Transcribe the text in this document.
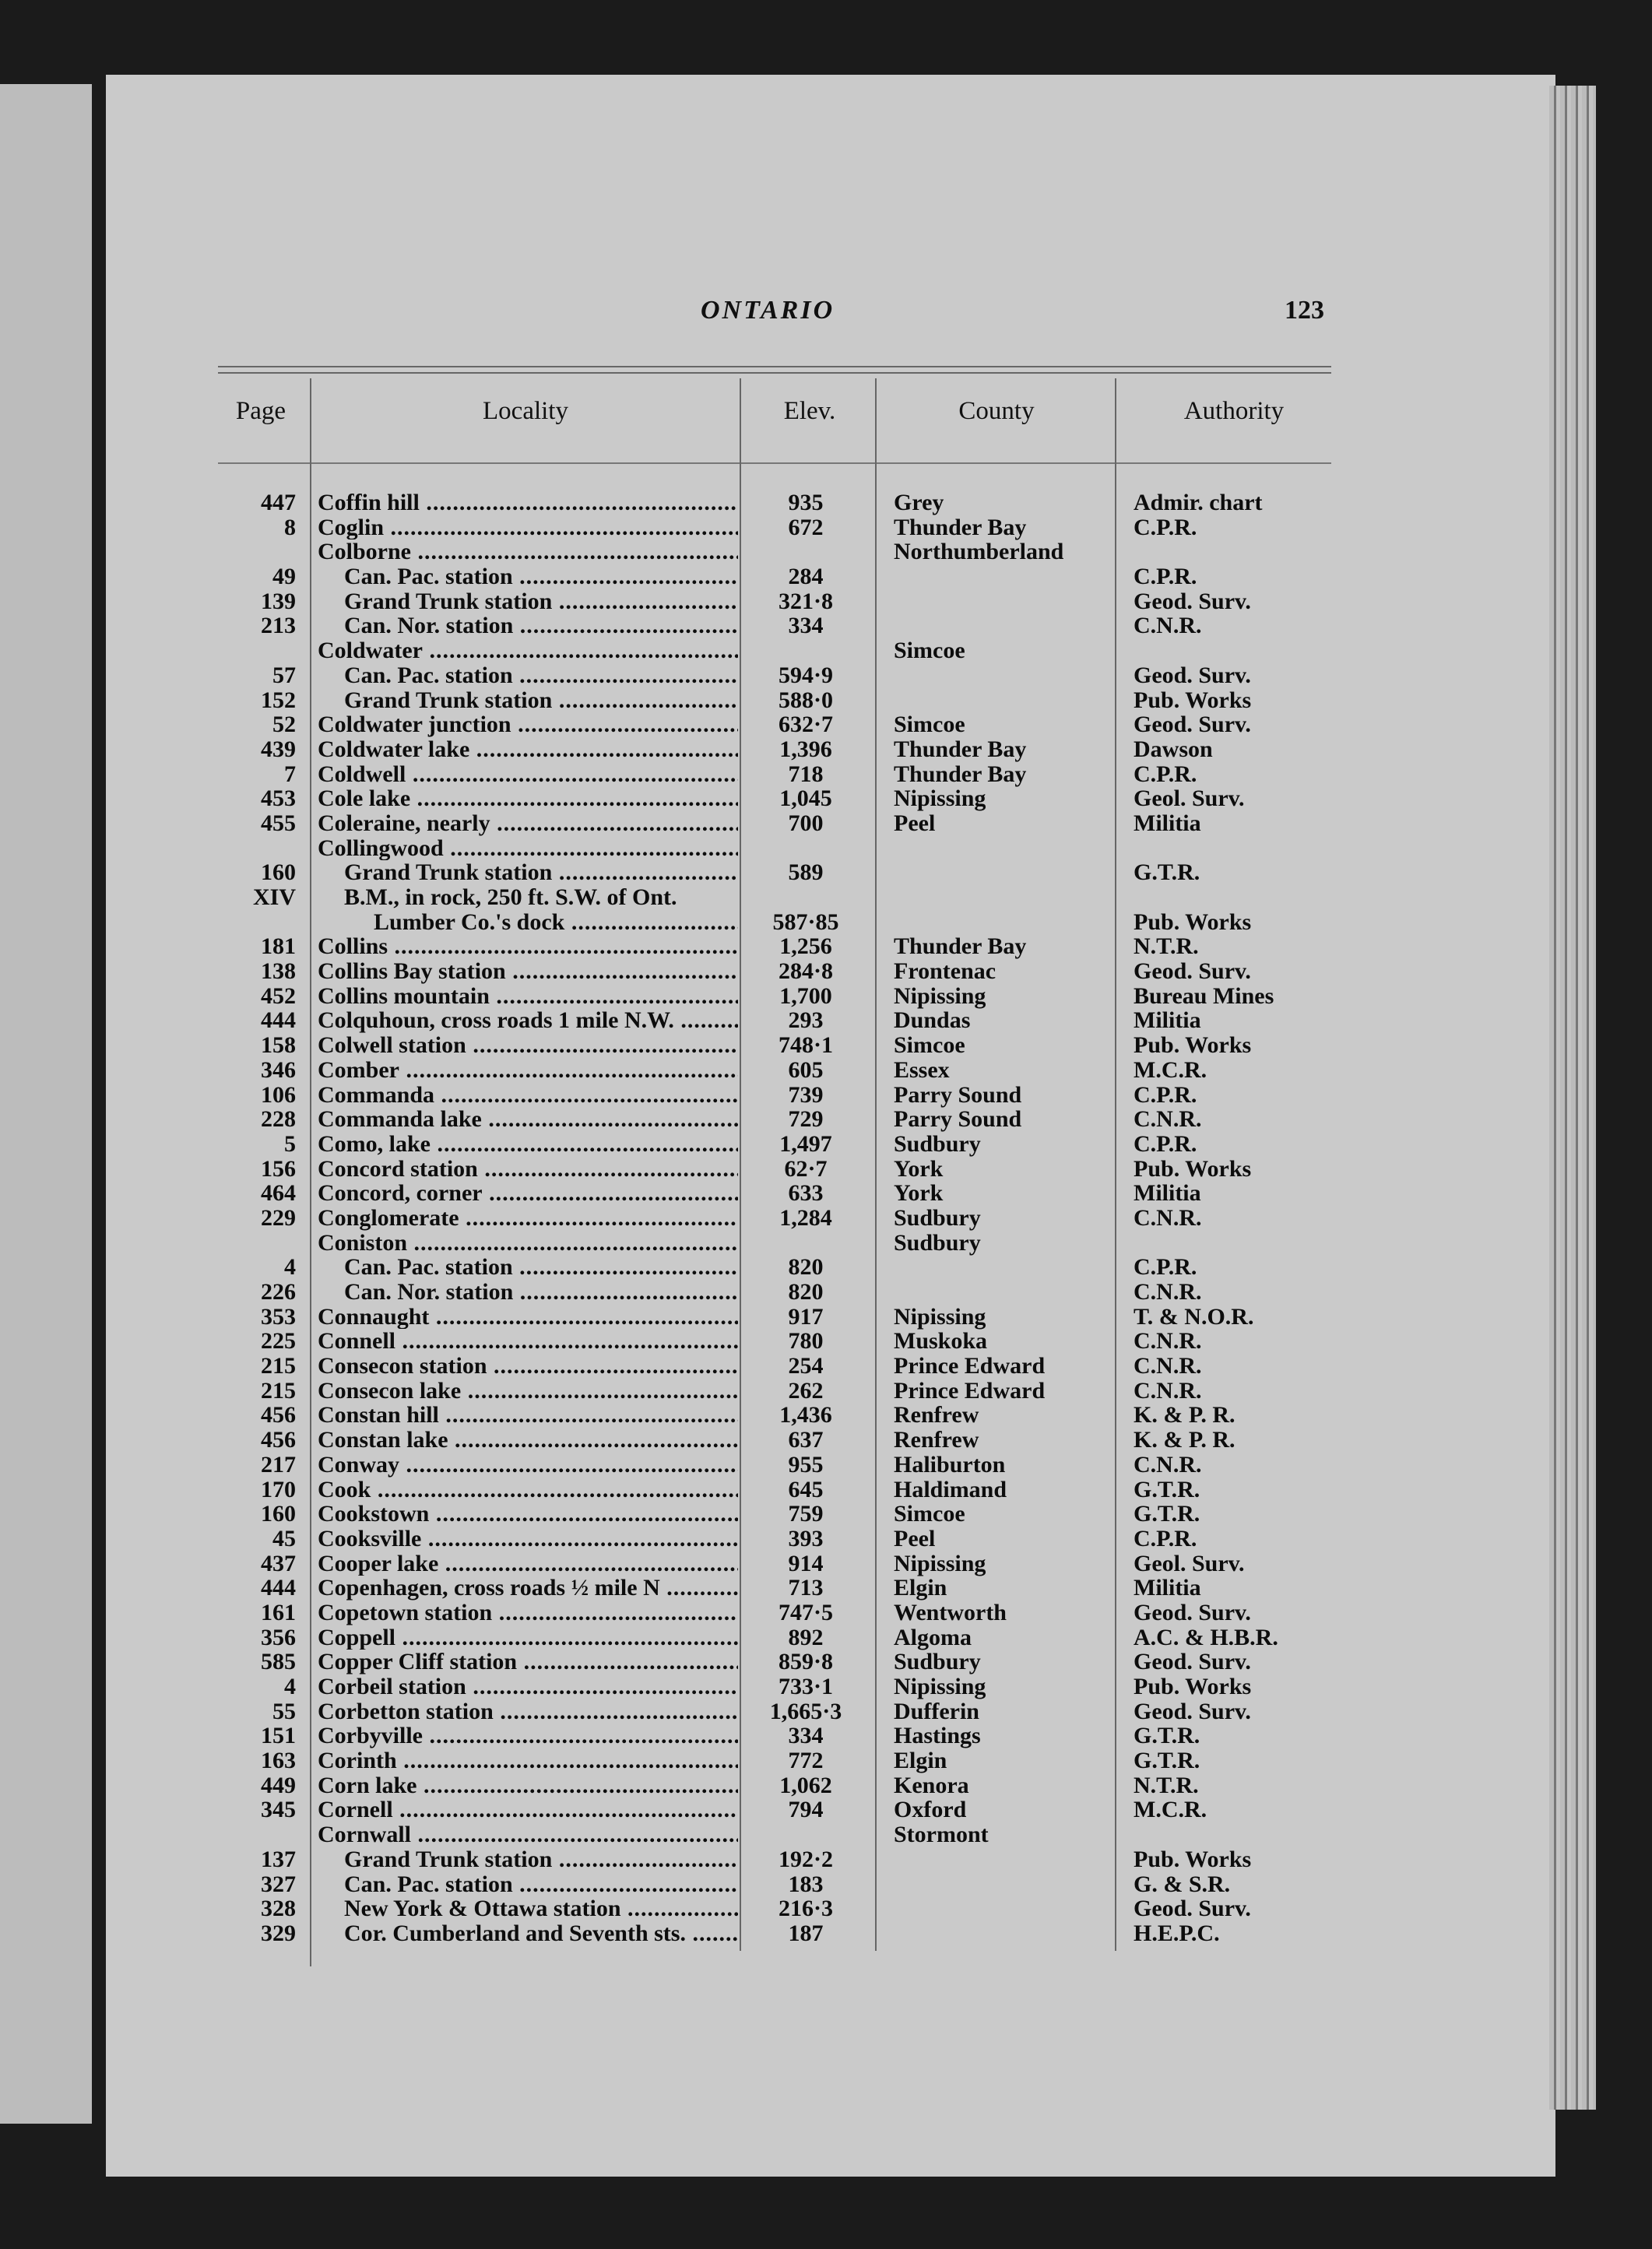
ONTARIO	123
Page	Locality	Elev.	County	Authority
447 Coffin hill .....	935	Grey	Admir. chart
8 Coglin .....	672	Thunder Bay	C.P.R.
Colborne .....	Northumberland
49	Can. Pac. station .....	284	C.P.R.
139	Grand Trunk station .....	321·8	Geod. Surv.
213	Can. Nor. station .....	334	C.N.R.
Coldwater .....	Simcoe
57	Can. Pac. station .....	594·9	Geod. Surv.
152	Grand Trunk station .....	588·0	Pub. Works
52 Coldwater junction .....	632·7	Simcoe	Geod. Surv.
439 Coldwater lake .....	1,396	Thunder Bay	Dawson
7 Coldwell .....	718	Thunder Bay	C.P.R.
453 Cole lake .....	1,045	Nipissing	Geol. Surv.
455 Coleraine, nearly .....	700	Peel	Militia
Collingwood .....
160	Grand Trunk station .....	589	G.T.R.
XIV	B.M., in rock, 250 ft. S.W. of Ont.
Lumber Co.'s dock .....	587·85	Pub. Works
181 Collins .....	1,256	Thunder Bay	N.T.R.
138 Collins Bay station .....	284·8	Frontenac	Geod. Surv.
452 Collins mountain .....	1,700	Nipissing	Bureau Mines
444 Colquhoun, cross roads 1 mile N.W. .....	293	Dundas	Militia
158 Colwell station .....	748·1	Simcoe	Pub. Works
346 Comber .....	605	Essex	M.C.R.
106 Commanda .....	739	Parry Sound	C.P.R.
228 Commanda lake .....	729	Parry Sound	C.N.R.
5 Como, lake .....	1,497	Sudbury	C.P.R.
156 Concord station .....	62·7	York	Pub. Works
464 Concord, corner .....	633	York	Militia
229 Conglomerate .....	1,284	Sudbury	C.N.R.
Coniston .....	Sudbury
4	Can. Pac. station .....	820	C.P.R.
226	Can. Nor. station .....	820	C.N.R.
353 Connaught .....	917	Nipissing	T. & N.O.R.
225 Connell .....	780	Muskoka	C.N.R.
215 Consecon station .....	254	Prince Edward	C.N.R.
215 Consecon lake .....	262	Prince Edward	C.N.R.
456 Constan hill .....	1,436	Renfrew	K. & P. R.
456 Constan lake .....	637	Renfrew	K. & P. R.
217 Conway .....	955	Haliburton	C.N.R.
170 Cook .....	645	Haldimand	G.T.R.
160 Cookstown .....	759	Simcoe	G.T.R.
45 Cooksville .....	393	Peel	C.P.R.
437 Cooper lake .....	914	Nipissing	Geol. Surv.
444 Copenhagen, cross roads ½ mile N .....	713	Elgin	Militia
161 Copetown station .....	747·5	Wentworth	Geod. Surv.
356 Coppell .....	892	Algoma	A.C. & H.B.R.
585 Copper Cliff station .....	859·8	Sudbury	Geod. Surv.
4 Corbeil station .....	733·1	Nipissing	Pub. Works
55 Corbetton station .....	1,665·3	Dufferin	Geod. Surv.
151 Corbyville .....	334	Hastings	G.T.R.
163 Corinth .....	772	Elgin	G.T.R.
449 Corn lake .....	1,062	Kenora	N.T.R.
345 Cornell .....	794	Oxford	M.C.R.
Cornwall .....	Stormont
137	Grand Trunk station .....	192·2	Pub. Works
327	Can. Pac. station .....	183	G. & S.R.
328	New York & Ottawa station .....	216·3	Geod. Surv.
329	Cor. Cumberland and Seventh sts. .....	187	H.E.P.C.
